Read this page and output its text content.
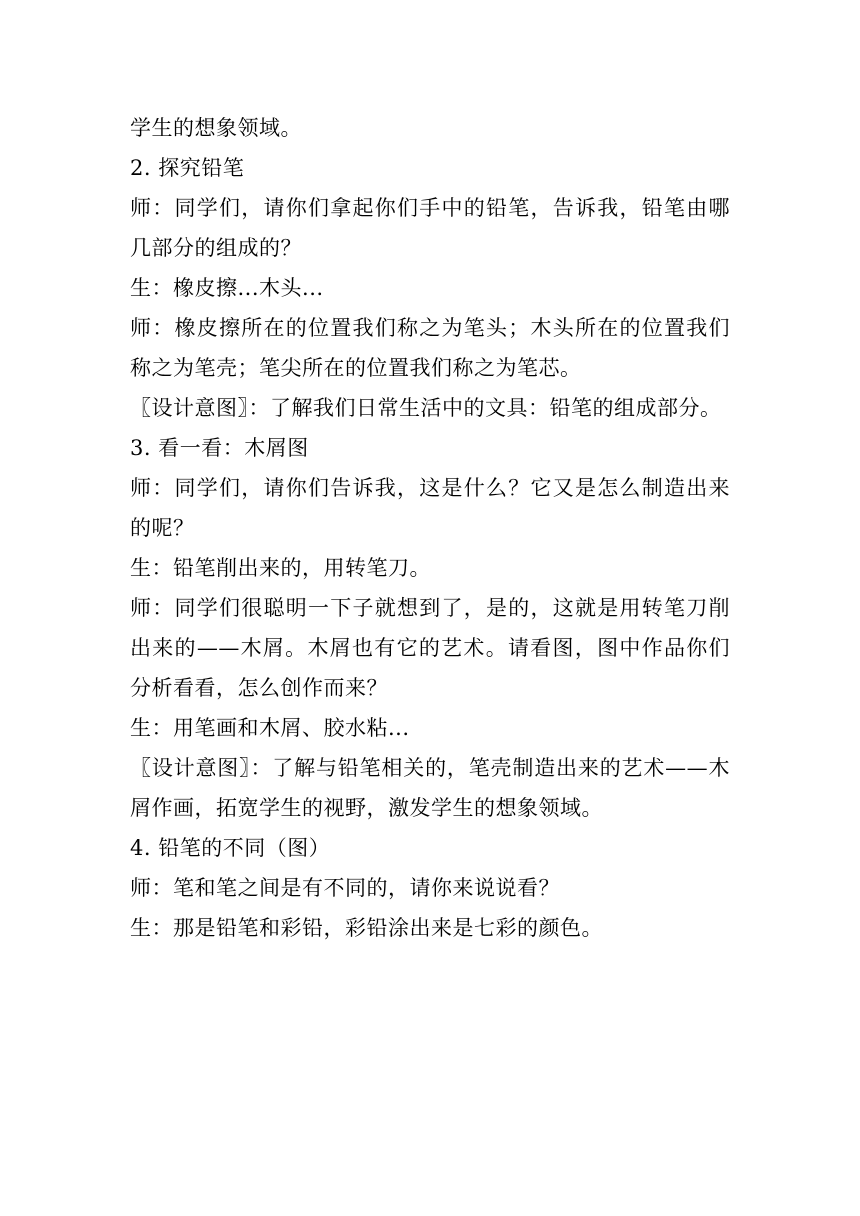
学生的想象领域。

2. 探究铅笔

师：同学们，请你们拿起你们手中的铅笔，告诉我，铅笔由哪几部分的组成的？

生：橡皮擦...木头...

师：橡皮擦所在的位置我们称之为笔头；木头所在的位置我们称之为笔壳；笔尖所在的位置我们称之为笔芯。

〖设计意图〗：了解我们日常生活中的文具：铅笔的组成部分。

3. 看一看：木屑图

师：同学们，请你们告诉我，这是什么？它又是怎么制造出来的呢？

生：铅笔削出来的，用转笔刀。

师：同学们很聪明一下子就想到了，是的，这就是用转笔刀削出来的——木屑。木屑也有它的艺术。请看图，图中作品你们分析看看，怎么创作而来？

生：用笔画和木屑、胶水粘...

〖设计意图〗：了解与铅笔相关的，笔壳制造出来的艺术——木屑作画，拓宽学生的视野，激发学生的想象领域。

4. 铅笔的不同（图）

师：笔和笔之间是有不同的，请你来说说看？

生：那是铅笔和彩铅，彩铅涂出来是七彩的颜色。
